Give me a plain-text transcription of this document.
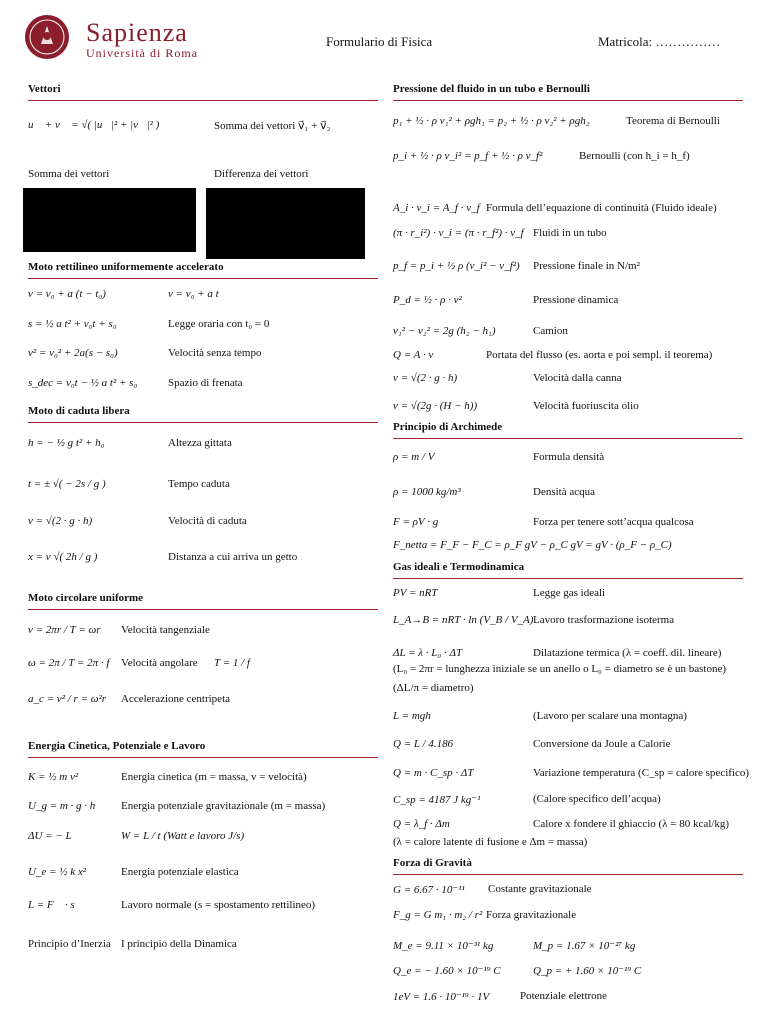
Sapienza
Università di Roma
Formulario di Fisica	Matricola: ……………
Vettori
u⃗ + v⃗ = √( |u⃗|² + |v⃗|² )	Somma dei vettori v⃗₁ + v⃗₂
Somma dei vettori	Differenza dei vettori
Moto rettilineo uniformemente accelerato
v = v₀ + a (t − t₀)	v = v₀ + a t
s = ½ a t² + v₀t + s₀	Legge oraria con t₀ = 0
v² = v₀² + 2a(s − s₀)	Velocità senza tempo
s_dec = v₀t − ½ a t² + s₀	Spazio di frenata
Moto di caduta libera
h = − ½ g t² + h₀	Altezza gittata
t = ± √( − 2s / g )	Tempo caduta
v = √(2 · g · h)	Velocità di caduta
x = v √( 2h / g )	Distanza a cui arriva un getto
Moto circolare uniforme
v = 2πr / T = ωr Velocità tangenziale
ω = 2π / T = 2π · f Velocità angolare T = 1 / f
a_c = v² / r = ω²r Accelerazione centripeta
Energia Cinetica, Potenziale e Lavoro
K = ½ m v²	Energia cinetica (m = massa, v = velocità)
U_g = m · g · h Energia potenziale gravitazionale (m = massa)
ΔU = − L	W = L / t (Watt e lavoro J/s)
U_e = ½ k x²	Energia potenziale elastica
L = F⃗ · s⃗	Lavoro normale (s = spostamento rettilineo)
Principio d’Inerzia I principio della Dinamica
Pressione del fluido in un tubo e Bernoulli
p₁ + ½ · ρ v₁² + ρgh₁ = p₂ + ½ · ρ v₂² + ρgh₂	Teorema di Bernoulli
p_i + ½ · ρ v_i² = p_f + ½ · ρ v_f²	Bernoulli (con h_i = h_f)
A_i · v_i = A_f · v_f Formula dell’equazione di continuità (Fluido ideale)
(π · r_i²) · v_i = (π · r_f²) · v_f Fluidi in un tubo
p_f = p_i + ½ ρ (v_i² − v_f²) Pressione finale in N/m²
P_d = ½ · ρ · v²	Pressione dinamica
v₁² − v₂² = 2g (h₂ − h₁)	Camion
Q = A · v	Portata del flusso (es. aorta e poi sempl. il teorema)
v = √(2 · g · h)	Velocità dalla canna
v = √(2g · (H − h))	Velocità fuoriuscita olio
Principio di Archimede
ρ = m / V	Formula densità
ρ = 1000 kg/m³	Densità acqua
F = ρV · g	Forza per tenere sott’acqua qualcosa
F_netta = F_F − F_C = ρ_F gV − ρ_C gV = gV · (ρ_F − ρ_C)
Gas ideali e Termodinamica
PV = nRT	Legge gas ideali
L_A→B = nRT · ln (V_B / V_A) Lavoro trasformazione isoterma
ΔL = λ · L₀ · ΔT	Dilatazione termica (λ = coeff. dil. lineare)
(L₀ = 2πr = lunghezza iniziale se un anello o L₀ = diametro se è un bastone)
(ΔL/π = diametro)
L = mgh	(Lavoro per scalare una montagna)
Q = L / 4.186	Conversione da Joule a Calorie
Q = m · C_sp · ΔT	Variazione temperatura (C_sp = calore specifico)
C_sp = 4187 J kg⁻¹	(Calore specifico dell’acqua)
Q = λ_f · Δm	Calore x fondere il ghiaccio (λ = 80 kcal/kg)
(λ = calore latente di fusione e Δm = massa)
Forza di Gravità
G = 6.67 · 10⁻¹¹ Costante gravitazionale
F_g = G m₁ · m₂ / r² Forza gravitazionale
M_e = 9.11 × 10⁻³¹ kg	M_p = 1.67 × 10⁻²⁷ kg
Q_e = − 1.60 × 10⁻¹⁹ C	Q_p = + 1.60 × 10⁻¹⁹ C
1eV = 1.6 · 10⁻¹⁹ · 1V	Potenziale elettrone
